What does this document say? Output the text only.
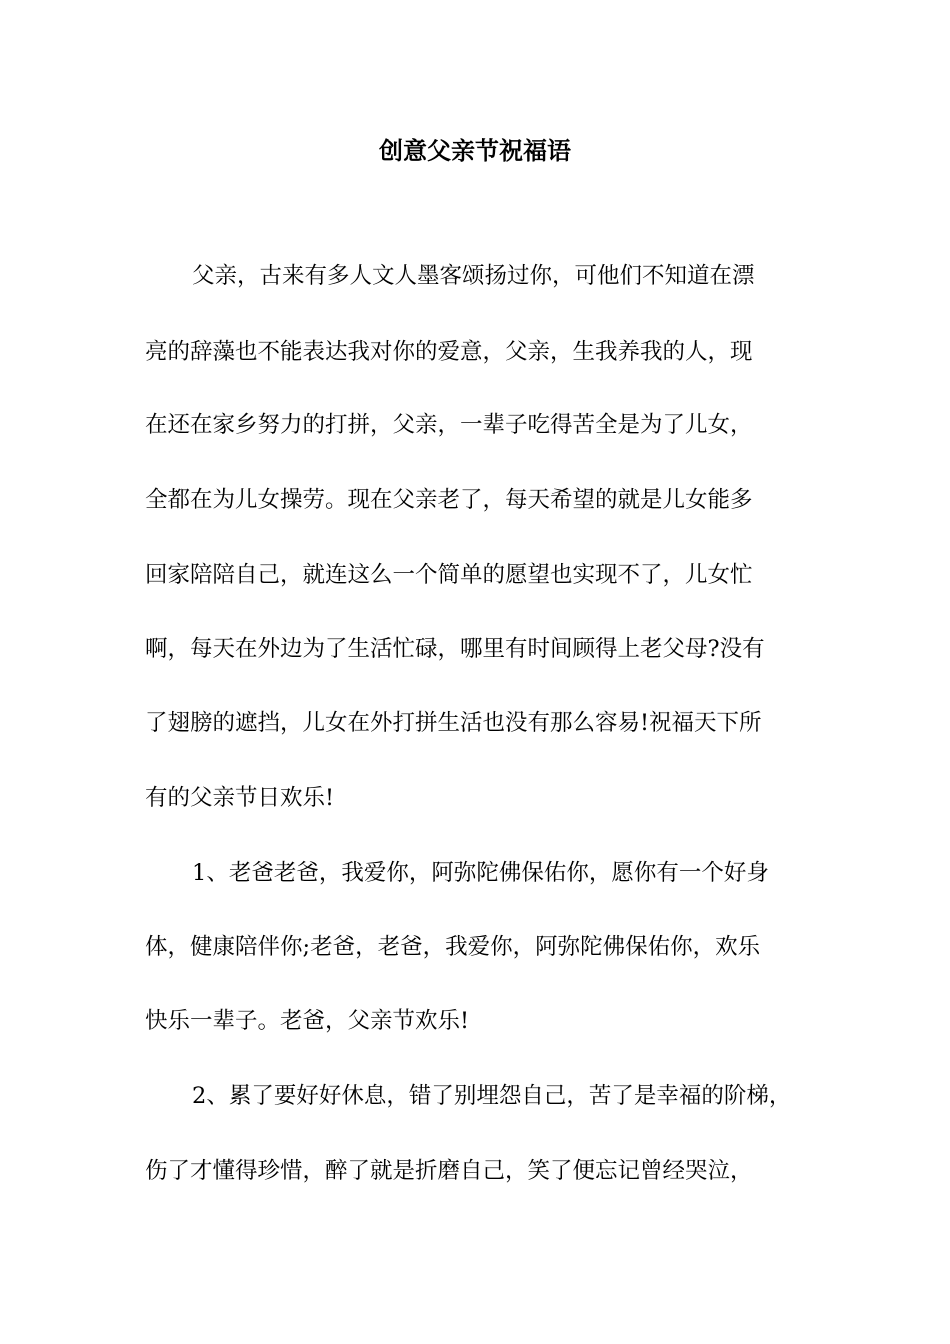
创意父亲节祝福语

父亲，古来有多人文人墨客颂扬过你，可他们不知道在漂

亮的辞藻也不能表达我对你的爱意，父亲，生我养我的人，现

在还在家乡努力的打拼，父亲，一辈子吃得苦全是为了儿女，

全都在为儿女操劳。现在父亲老了，每天希望的就是儿女能多

回家陪陪自己，就连这么一个简单的愿望也实现不了，儿女忙

啊，每天在外边为了生活忙碌，哪里有时间顾得上老父母?没有

了翅膀的遮挡，儿女在外打拼生活也没有那么容易!祝福天下所

有的父亲节日欢乐!

1、老爸老爸，我爱你，阿弥陀佛保佑你，愿你有一个好身

体，健康陪伴你;老爸，老爸，我爱你，阿弥陀佛保佑你，欢乐

快乐一辈子。老爸，父亲节欢乐!

2、累了要好好休息，错了别埋怨自己，苦了是幸福的阶梯，

伤了才懂得珍惜，醉了就是折磨自己，笑了便忘记曾经哭泣，
